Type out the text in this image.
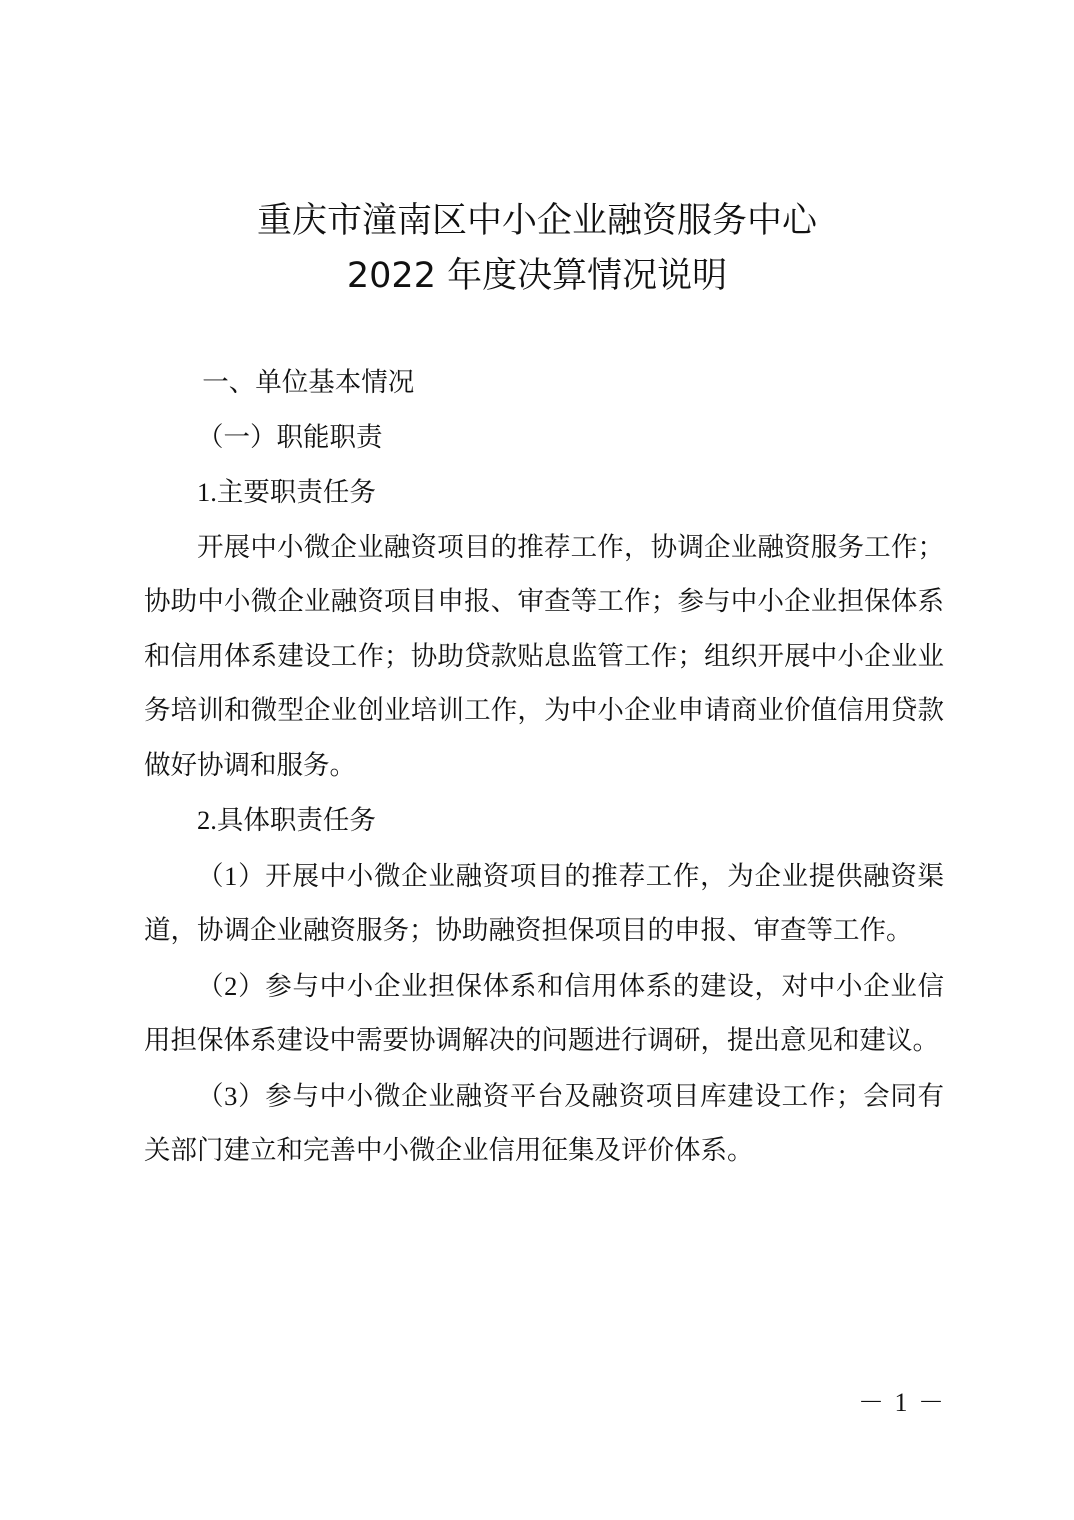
重庆市潼南区中小企业融资服务中心
2022 年度决算情况说明

一、单位基本情况

（一）职能职责

1.主要职责任务

开展中小微企业融资项目的推荐工作，协调企业融资服务工作；协助中小微企业融资项目申报、审查等工作；参与中小企业担保体系和信用体系建设工作；协助贷款贴息监管工作；组织开展中小企业业务培训和微型企业创业培训工作，为中小企业申请商业价值信用贷款做好协调和服务。

2.具体职责任务

（1）开展中小微企业融资项目的推荐工作，为企业提供融资渠道，协调企业融资服务；协助融资担保项目的申报、审查等工作。

（2）参与中小企业担保体系和信用体系的建设，对中小企业信用担保体系建设中需要协调解决的问题进行调研，提出意见和建议。

（3）参与中小微企业融资平台及融资项目库建设工作；会同有关部门建立和完善中小微企业信用征集及评价体系。

－ 1 －
